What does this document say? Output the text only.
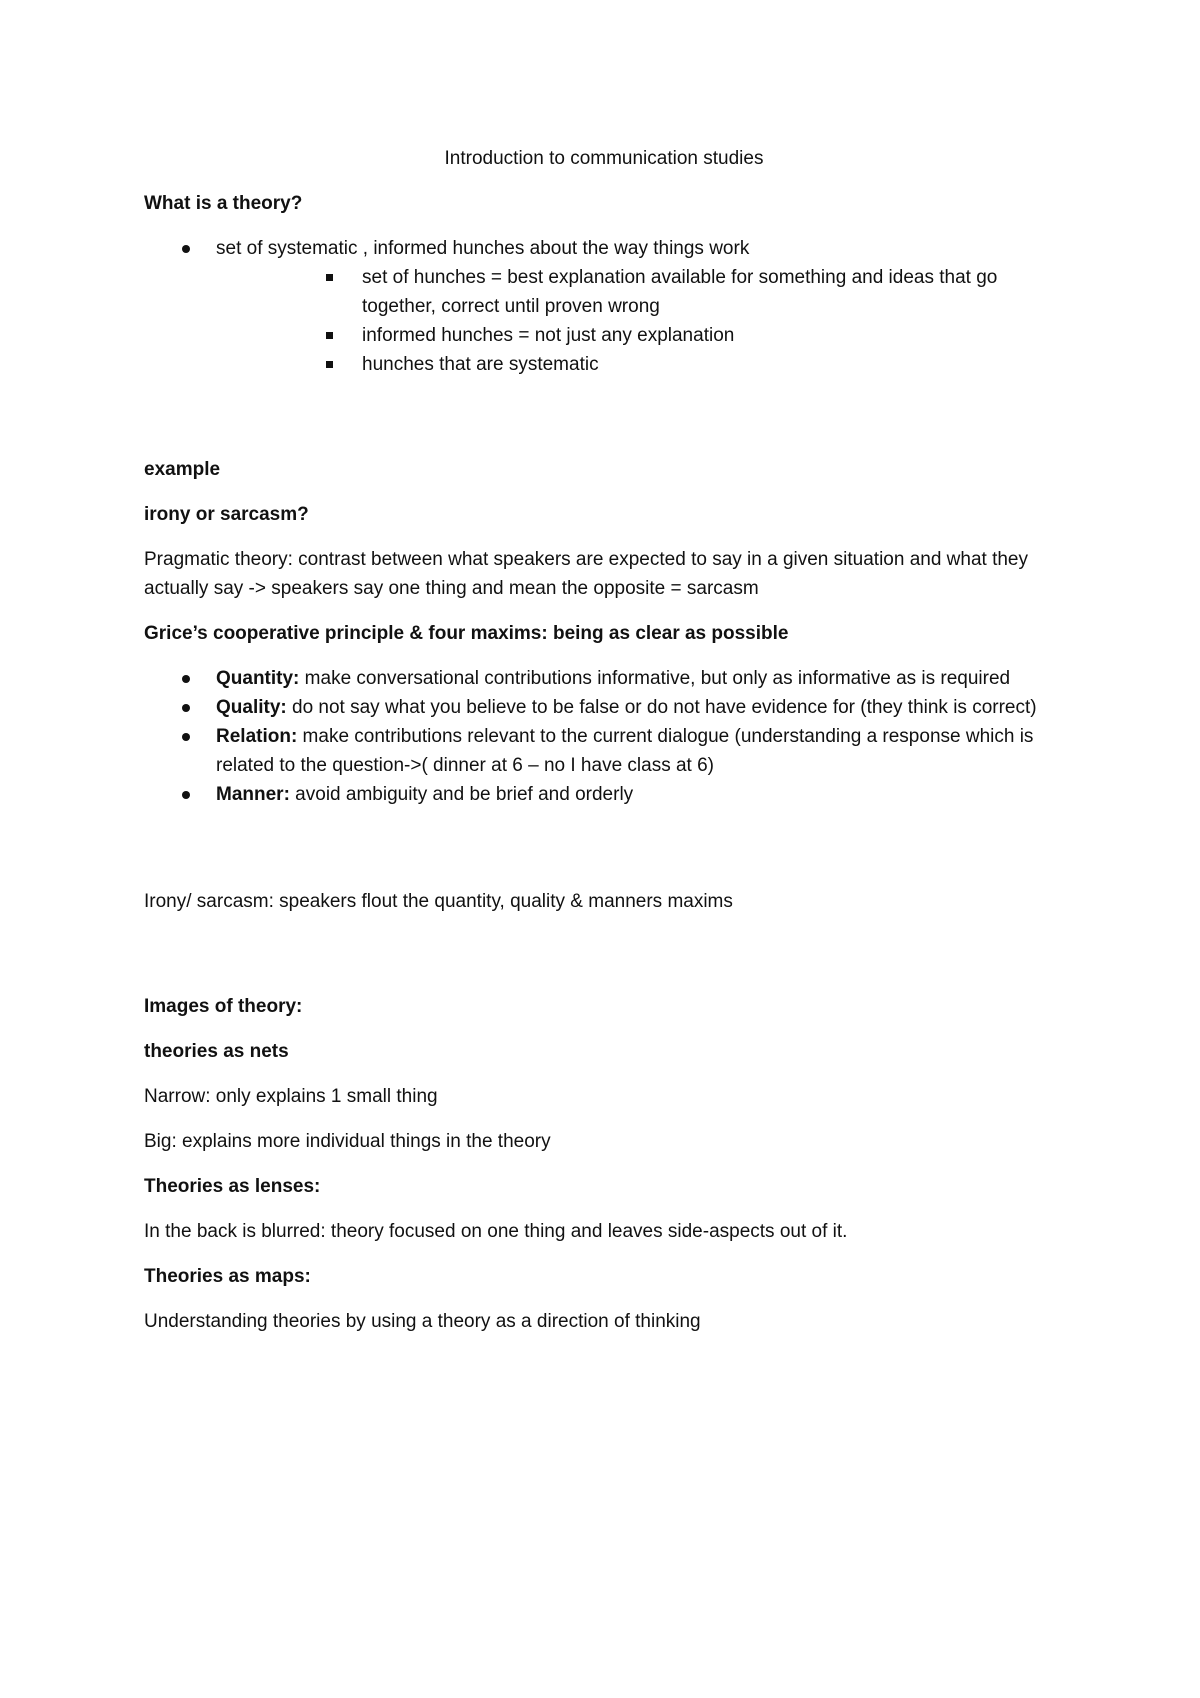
Introduction to communication studies
What is a theory?
set of systematic , informed hunches about the way things work
set of hunches = best explanation available for something and ideas that go together, correct until proven wrong
informed hunches = not just any explanation
hunches that are systematic
example
irony or sarcasm?
Pragmatic theory: contrast between what speakers are expected to say in a given situation and what they actually say -> speakers say one thing and mean the opposite = sarcasm
Grice’s cooperative principle & four maxims: being as clear as possible
Quantity: make conversational contributions informative, but only as informative as is required
Quality: do not say what you believe to be false or do not have evidence for (they think is correct)
Relation: make contributions relevant to the current dialogue (understanding a response which is related to the question->( dinner at 6 – no I have class at 6)
Manner: avoid ambiguity and be brief and orderly
Irony/ sarcasm: speakers flout the quantity, quality & manners maxims
Images of theory:
theories as nets
Narrow: only explains 1 small thing
Big: explains more individual things in the theory
Theories as lenses:
In the back is blurred: theory focused on one thing and leaves side-aspects out of it.
Theories as maps:
Understanding theories by using a theory as a direction of thinking
